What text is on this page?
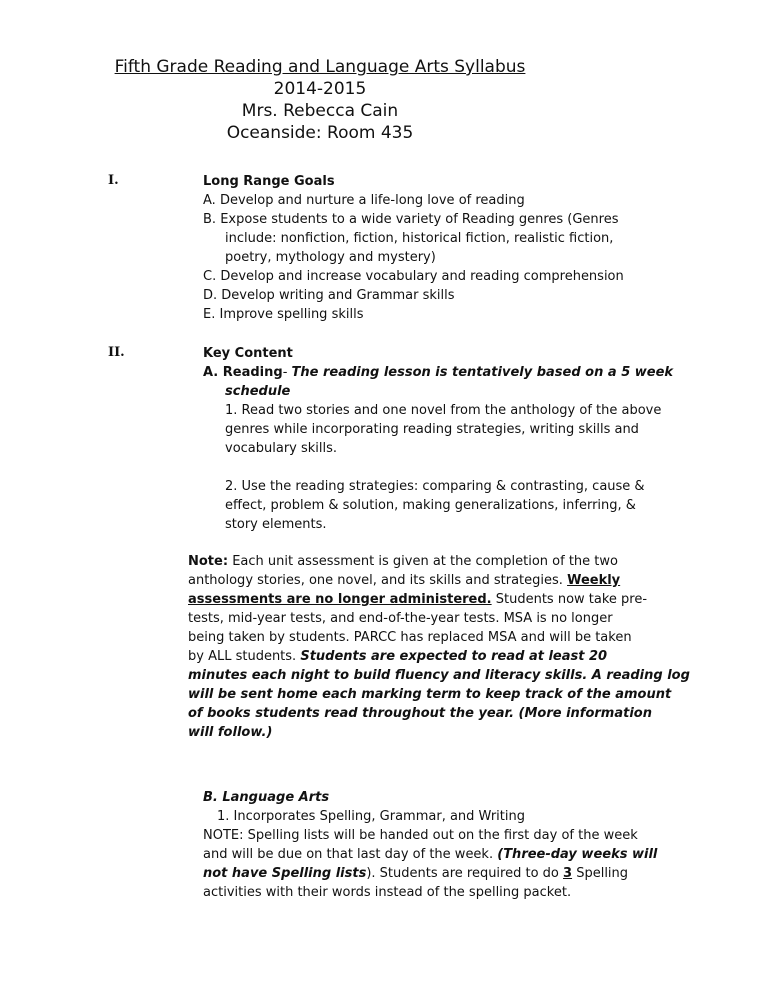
Fifth Grade Reading and Language Arts Syllabus
2014-2015
Mrs. Rebecca Cain
Oceanside: Room 435
I.	Long Range Goals
A. Develop and nurture a life-long love of reading
B. Expose students to a wide variety of Reading genres (Genres
include: nonfiction, fiction, historical fiction, realistic fiction,
poetry, mythology and mystery)
C. Develop and increase vocabulary and reading comprehension
D. Develop writing and Grammar skills
E. Improve spelling skills
II.	Key Content
A. Reading- The reading lesson is tentatively based on a 5 week
schedule
1. Read two stories and one novel from the anthology of the above
genres while incorporating reading strategies, writing skills and
vocabulary skills.
2. Use the reading strategies: comparing & contrasting, cause &
effect, problem & solution, making generalizations, inferring, &
story elements.
Note: Each unit assessment is given at the completion of the two
anthology stories, one novel, and its skills and strategies. Weekly
assessments are no longer administered. Students now take pre-
tests, mid-year tests, and end-of-the-year tests. MSA is no longer
being taken by students. PARCC has replaced MSA and will be taken
by ALL students. Students are expected to read at least 20
minutes each night to build fluency and literacy skills. A reading log
will be sent home each marking term to keep track of the amount
of books students read throughout the year. (More information
will follow.)
B. Language Arts
1. Incorporates Spelling, Grammar, and Writing
NOTE: Spelling lists will be handed out on the first day of the week
and will be due on that last day of the week. (Three-day weeks will
not have Spelling lists). Students are required to do 3 Spelling
activities with their words instead of the spelling packet.
